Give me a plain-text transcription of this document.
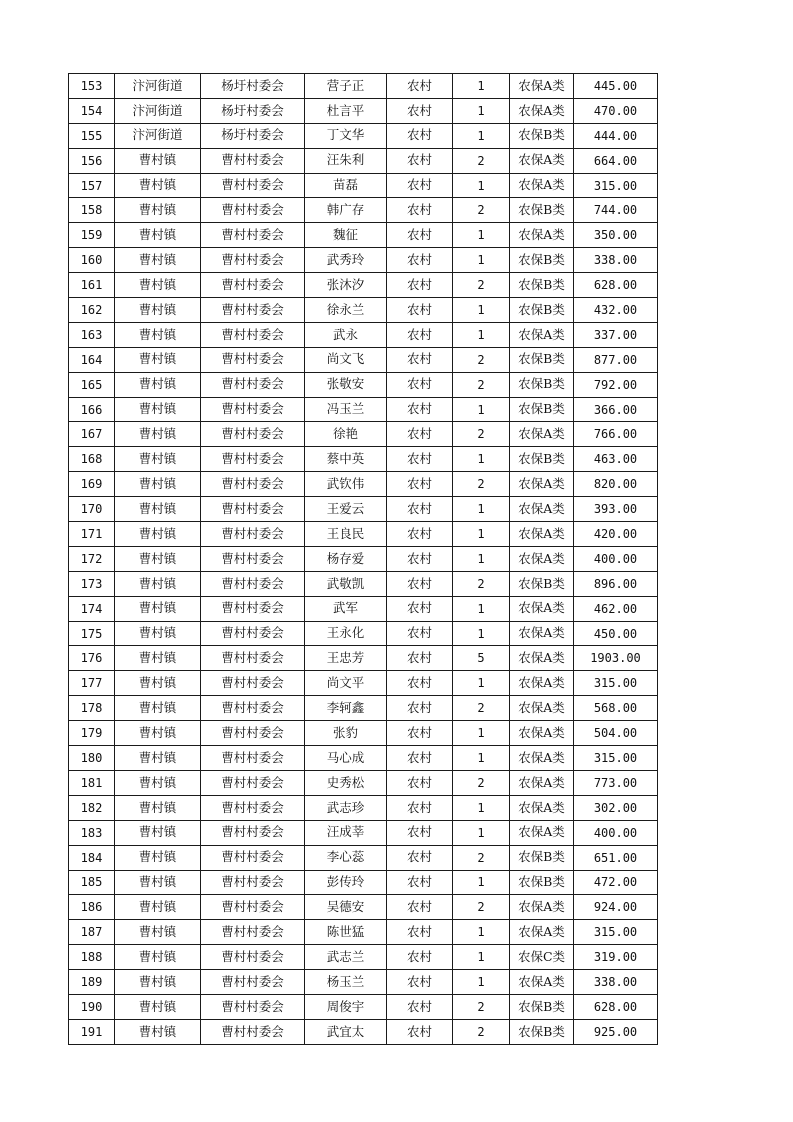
153	汴河街道	杨圩村委会	营子正	农村	1	农保A类	445.00
154	汴河街道	杨圩村委会	杜言平	农村	1	农保A类	470.00
155	汴河街道	杨圩村委会	丁文华	农村	1	农保B类	444.00
156	曹村镇	曹村村委会	汪朱利	农村	2	农保A类	664.00
157	曹村镇	曹村村委会	苗磊	农村	1	农保A类	315.00
158	曹村镇	曹村村委会	韩广存	农村	2	农保B类	744.00
159	曹村镇	曹村村委会	魏征	农村	1	农保A类	350.00
160	曹村镇	曹村村委会	武秀玲	农村	1	农保B类	338.00
161	曹村镇	曹村村委会	张沐汐	农村	2	农保B类	628.00
162	曹村镇	曹村村委会	徐永兰	农村	1	农保B类	432.00
163	曹村镇	曹村村委会	武永	农村	1	农保A类	337.00
164	曹村镇	曹村村委会	尚文飞	农村	2	农保B类	877.00
165	曹村镇	曹村村委会	张敬安	农村	2	农保B类	792.00
166	曹村镇	曹村村委会	冯玉兰	农村	1	农保B类	366.00
167	曹村镇	曹村村委会	徐艳	农村	2	农保A类	766.00
168	曹村镇	曹村村委会	蔡中英	农村	1	农保B类	463.00
169	曹村镇	曹村村委会	武钦伟	农村	2	农保A类	820.00
170	曹村镇	曹村村委会	王爱云	农村	1	农保A类	393.00
171	曹村镇	曹村村委会	王良民	农村	1	农保A类	420.00
172	曹村镇	曹村村委会	杨存爱	农村	1	农保A类	400.00
173	曹村镇	曹村村委会	武敬凯	农村	2	农保B类	896.00
174	曹村镇	曹村村委会	武军	农村	1	农保A类	462.00
175	曹村镇	曹村村委会	王永化	农村	1	农保A类	450.00
176	曹村镇	曹村村委会	王忠芳	农村	5	农保A类	1903.00
177	曹村镇	曹村村委会	尚文平	农村	1	农保A类	315.00
178	曹村镇	曹村村委会	李轲鑫	农村	2	农保A类	568.00
179	曹村镇	曹村村委会	张豹	农村	1	农保A类	504.00
180	曹村镇	曹村村委会	马心成	农村	1	农保A类	315.00
181	曹村镇	曹村村委会	史秀松	农村	2	农保A类	773.00
182	曹村镇	曹村村委会	武志珍	农村	1	农保A类	302.00
183	曹村镇	曹村村委会	汪成莘	农村	1	农保A类	400.00
184	曹村镇	曹村村委会	李心蕊	农村	2	农保B类	651.00
185	曹村镇	曹村村委会	彭传玲	农村	1	农保B类	472.00
186	曹村镇	曹村村委会	吴德安	农村	2	农保A类	924.00
187	曹村镇	曹村村委会	陈世猛	农村	1	农保A类	315.00
188	曹村镇	曹村村委会	武志兰	农村	1	农保C类	319.00
189	曹村镇	曹村村委会	杨玉兰	农村	1	农保A类	338.00
190	曹村镇	曹村村委会	周俊宇	农村	2	农保B类	628.00
191	曹村镇	曹村村委会	武宜太	农村	2	农保B类	925.00
